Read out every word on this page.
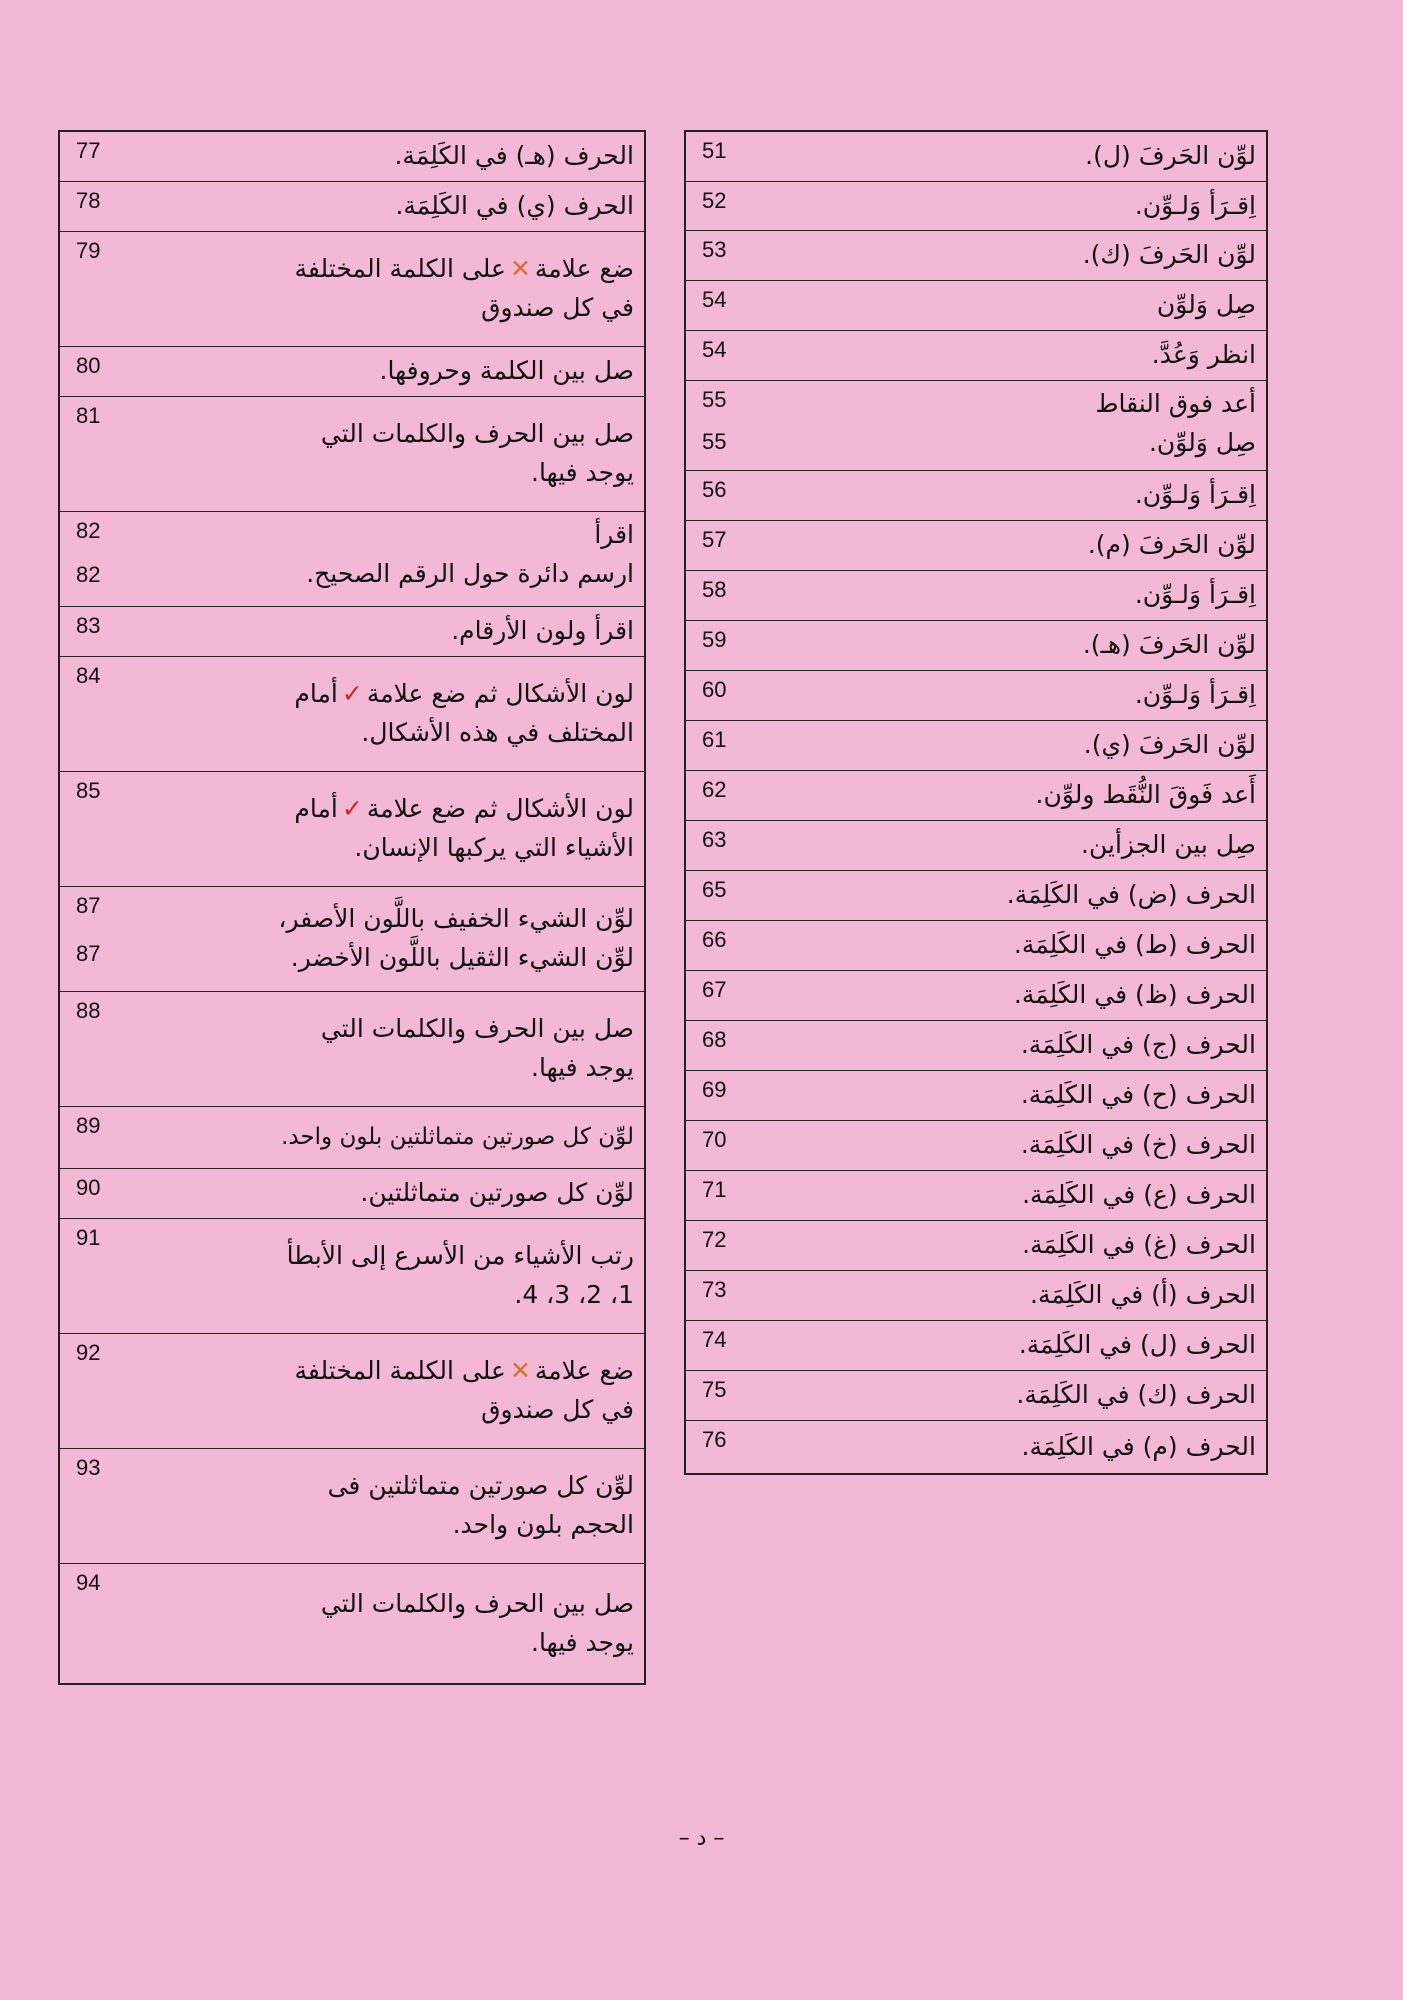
لوِّن الحَرفَ (ل).
51
اِقـرَأ وَلـوِّن.
52
لوِّن الحَرفَ (ك).
53
صِل وَلوِّن
54
انظر وَعُدَّ.
54
أعد فوق النقاط
صِل وَلوِّن.
55
55
اِقـرَأ وَلـوِّن.
56
لوِّن الحَرفَ (م).
57
اِقـرَأ وَلـوِّن.
58
لوِّن الحَرفَ (هـ).
59
اِقـرَأ وَلـوِّن.
60
لوِّن الحَرفَ (ي).
61
أَعد فَوقَ النُّقَط ولوِّن.
62
صِل بين الجزأين.
63
الحرف (ض) في الكَلِمَة.
65
الحرف (ط) في الكَلِمَة.
66
الحرف (ظ) في الكَلِمَة.
67
الحرف (ج) في الكَلِمَة.
68
الحرف (ح) في الكَلِمَة.
69
الحرف (خ) في الكَلِمَة.
70
الحرف (ع) في الكَلِمَة.
71
الحرف (غ) في الكَلِمَة.
72
الحرف (أ) في الكَلِمَة.
73
الحرف (ل) في الكَلِمَة.
74
الحرف (ك) في الكَلِمَة.
75
الحرف (م) في الكَلِمَة.
76
الحرف (هـ) في الكَلِمَة.
77
الحرف (ي) في الكَلِمَة.
78
ضع علامة✕على الكلمة المختلفة
في كل صندوق
79
صل بين الكلمة وحروفها.
80
صل بين الحرف والكلمات التي
يوجد فيها.
81
اقرأ
ارسم دائرة حول الرقم الصحيح.
82
82
اقرأ ولون الأرقام.
83
لون الأشكال ثم ضع علامة✓أمام
المختلف في هذه الأشكال.
84
لون الأشكال ثم ضع علامة✓أمام
الأشياء التي يركبها الإنسان.
85
لوِّن الشيء الخفيف باللَّون الأصفر،
لوِّن الشيء الثقيل باللَّون الأخضر.
87
87
صل بين الحرف والكلمات التي
يوجد فيها.
88
لوِّن كل صورتين متماثلتين بلون واحد.
89
لوِّن كل صورتين متماثلتين.
90
رتب الأشياء من الأسرع إلى الأبطأ
1، 2، 3، 4.
91
ضع علامة✕على الكلمة المختلفة
في كل صندوق
92
لوِّن كل صورتين متماثلتين فى
الحجم بلون واحد.
93
صل بين الحرف والكلمات التي
يوجد فيها.
94
– د –
